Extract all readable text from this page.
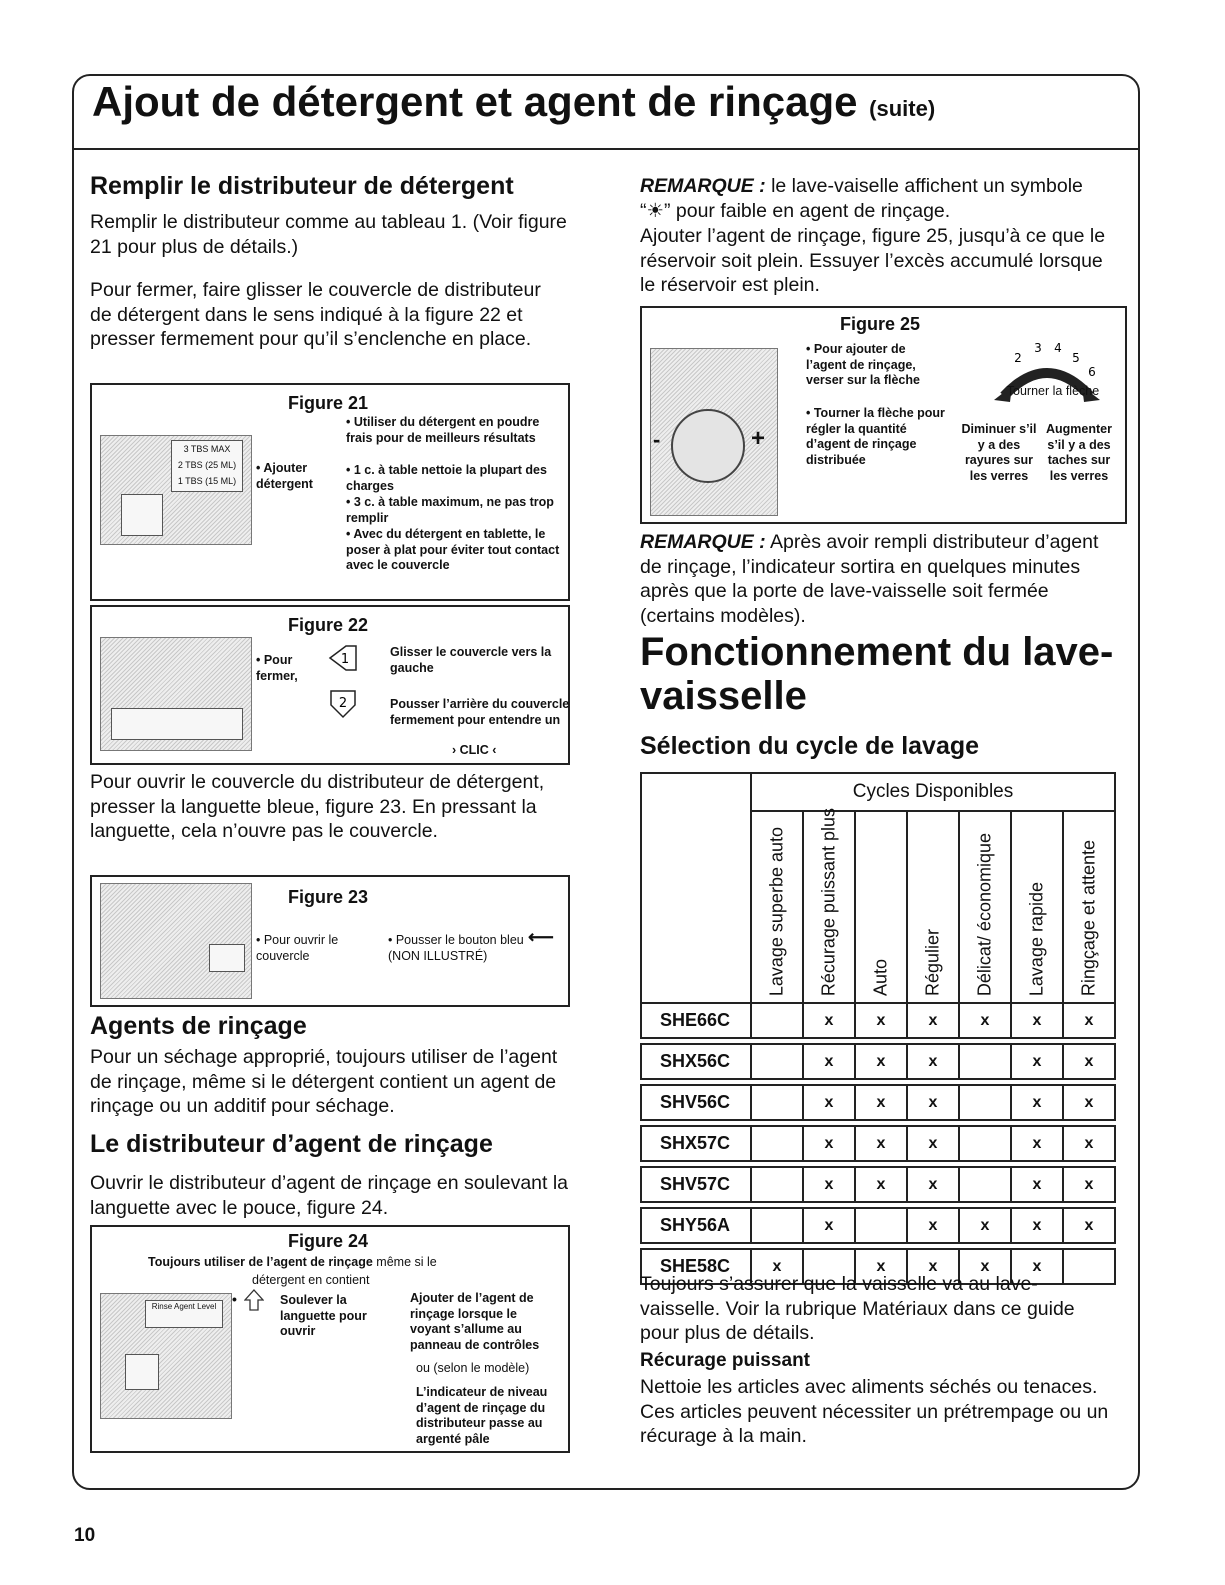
Ajout de détergent et agent de rinçage (suite)
Remplir le distributeur de détergent

Remplir le distributeur comme au tableau 1. (Voir figure 21 pour plus de détails.)

Pour fermer, faire glisser le couvercle de distributeur de détergent dans le sens indiqué à la figure 22 et presser fermement pour qu’il s’enclenche en place.

Figure 21
3 TBS MAX
2 TBS (25 ML)
1 TBS (15 ML)
• Ajouter détergent
• Utiliser du détergent en poudre frais pour de meilleurs résultats
• 1 c. à table nettoie la plupart des charges
• 3 c. à table maximum, ne pas trop remplir
• Avec du détergent en tablette, le poser à plat pour éviter tout contact avec le couvercle
Figure 22
• Pour fermer,
1	Glisser le couvercle vers la gauche
2	Pousser l’arrière du couvercle fermement pour entendre un
› CLIC ‹

Pour ouvrir le couvercle du distributeur de détergent, presser la languette bleue, figure 23. En pressant la languette, cela n’ouvre pas le couvercle.

Figure 23
• Pour ouvrir le couvercle
• Pousser le bouton bleu (NON ILLUSTRÉ)
⟵
Agents de rinçage

Pour un séchage approprié, toujours utiliser de l’agent de rinçage, même si le détergent contient un agent de rinçage ou un additif pour séchage.

Le distributeur d’agent de rinçage

Ouvrir le distributeur d’agent de rinçage en soulevant la languette avec le pouce, figure 24.

Figure 24
Toujours utiliser de l’agent de rinçage même si le
détergent en contient
Rinse Agent Level	•	Soulever la languette pour ouvrir
Ajouter de l’agent de rinçage lorsque le voyant s’allume au panneau de contrôles
ou (selon le modèle)
L’indicateur de niveau d’agent de rinçage du distributeur passe au argenté pâle

REMARQUE : le lave-vaiselle affichent un symbole “☀” pour faible en agent de rinçage.

Ajouter l’agent de rinçage, figure 25, jusqu’à ce que le réservoir soit plein. Essuyer l’excès accumulé lorsque le réservoir est plein.

Figure 25
-	+
• Pour ajouter de l’agent de rinçage, verser sur la flèche
• Tourner la flèche pour régler la quantité d’agent de rinçage distribuée
2
3 4
5
6
Tourner la flèche
Diminuer s’il y a des rayures sur les verres
Augmenter s’il y a des taches sur les verres

REMARQUE : Après avoir rempli distributeur d’agent de rinçage, l’indicateur sortira en quelques minutes après que la porte de lave-vaisselle soit fermée (certains modèles).

Fonctionnement du lave-vaisselle
Sélection du cycle de lavage
	Cycles Disponibles						

	Lavage superbe auto	Récurage puissant plus	Auto	Régulier	Délicat/ économique	Lavage rapide	Ringçage et attente

SHE66C		x	x	x	x	x	x

SHX56C		x	x	x		x	x

SHV56C		x	x	x		x	x

SHX57C		x	x	x		x	x

SHV57C		x	x	x		x	x

SHY56A		x		x	x	x	x

SHE58C	x		x	x	x	x	

Toujours s’assurer que la vaisselle va au lave-vaisselle. Voir la rubrique Matériaux dans ce guide pour plus de détails.

Récurage puissant

Nettoie les articles avec aliments séchés ou tenaces. Ces articles peuvent nécessiter un prétrempage ou un récurage à la main.

10
